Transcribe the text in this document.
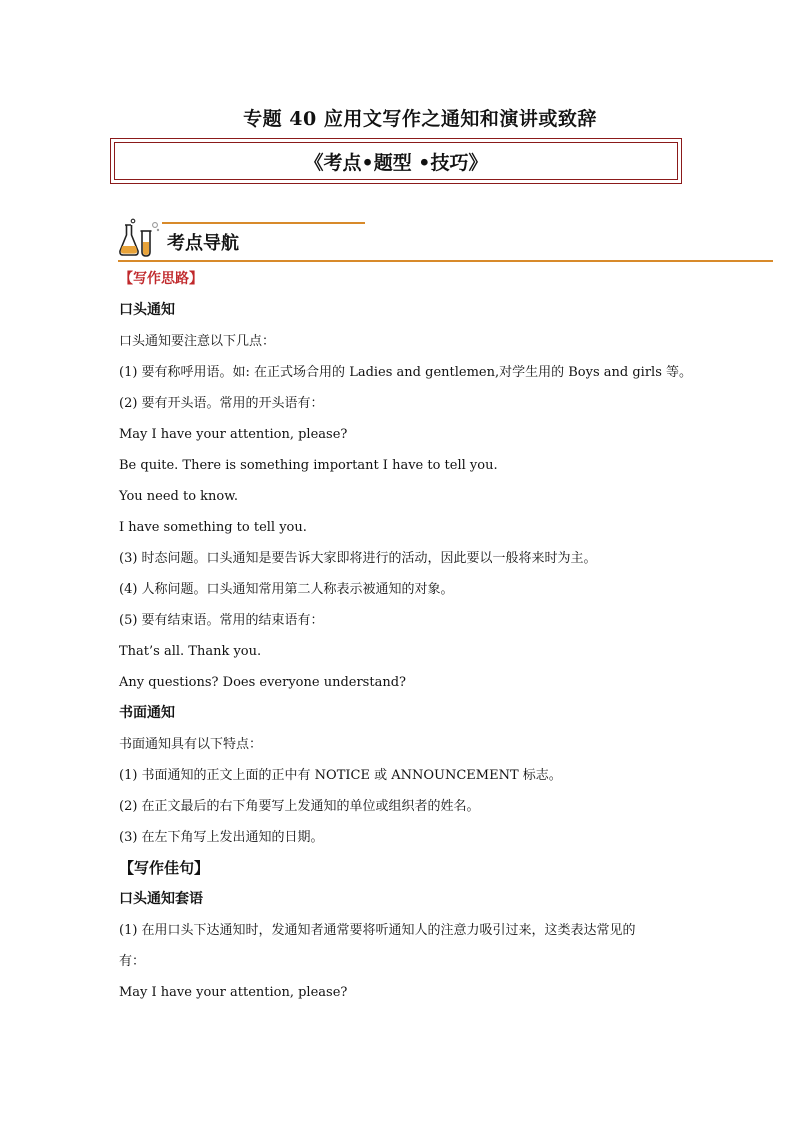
专题 40 应用文写作之通知和演讲或致辞
《考点•题型 •技巧》
考点导航
【写作思路】
口头通知
口头通知要注意以下几点：
(1) 要有称呼用语。如: 在正式场合用的 Ladies and gentlemen,对学生用的 Boys and girls 等。
(2) 要有开头语。常用的开头语有：
May I have your attention, please?
Be quite. There is something important I have to tell you.
You need to know.
I have something to tell you.
(3) 时态问题。口头通知是要告诉大家即将进行的活动，因此要以一般将来时为主。
(4) 人称问题。口头通知常用第二人称表示被通知的对象。
(5) 要有结束语。常用的结束语有：
That’s all. Thank you.
Any questions? Does everyone understand?
书面通知
书面通知具有以下特点：
(1) 书面通知的正文上面的正中有 NOTICE 或 ANNOUNCEMENT 标志。
(2) 在正文最后的右下角要写上发通知的单位或组织者的姓名。
(3) 在左下角写上发出通知的日期。
【写作佳句】
口头通知套语
(1) 在用口头下达通知时，发通知者通常要将听通知人的注意力吸引过来，这类表达常见的
有：
May I have your attention, please?
